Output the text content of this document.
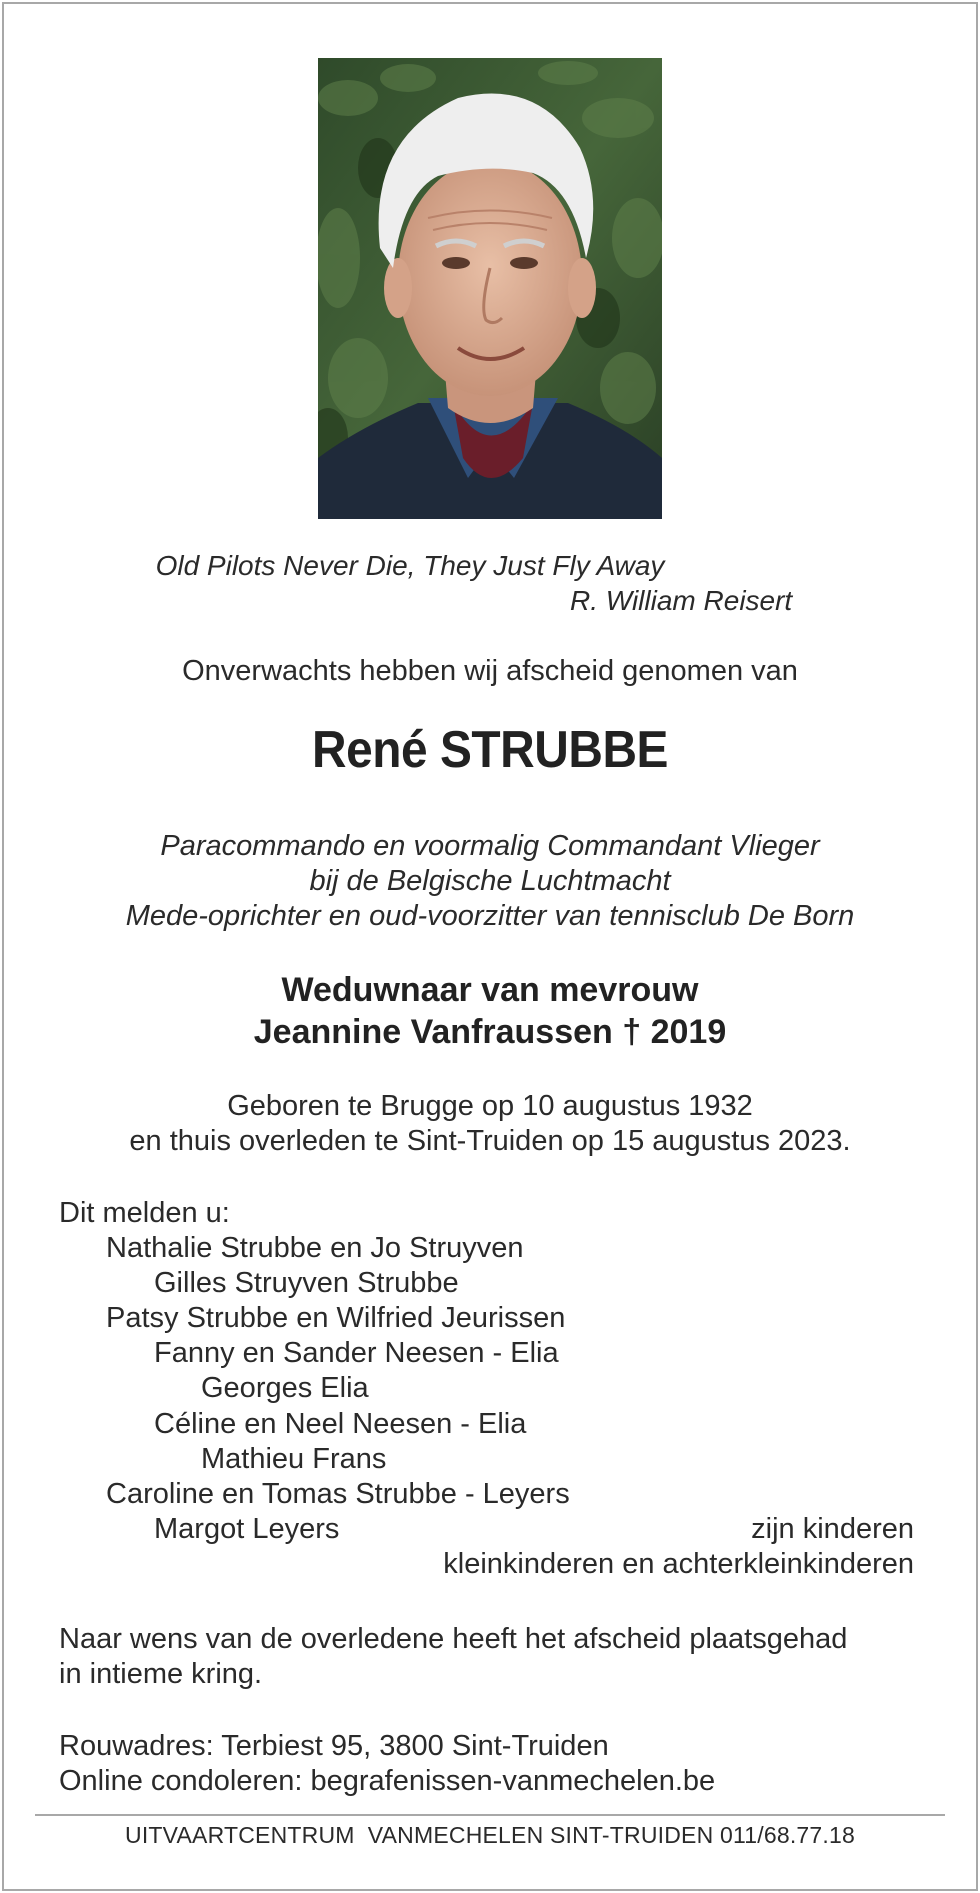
Old Pilots Never Die, They Just Fly Away
R. William Reisert
Onverwachts hebben wij afscheid genomen van
René STRUBBE
Paracommando en voormalig Commandant Vlieger
bij de Belgische Luchtmacht
Mede-oprichter en oud-voorzitter van tennisclub De Born
Weduwnaar van mevrouw
Jeannine Vanfraussen † 2019
Geboren te Brugge op 10 augustus 1932
en thuis overleden te Sint-Truiden op 15 augustus 2023.
Dit melden u:
Nathalie Strubbe en Jo Struyven
Gilles Struyven Strubbe
Patsy Strubbe en Wilfried Jeurissen
Fanny en Sander Neesen - Elia
Georges Elia
Céline en Neel Neesen - Elia
Mathieu Frans
Caroline en Tomas Strubbe - Leyers
Margot Leyers	zijn kinderen
kleinkinderen en achterkleinkinderen
Naar wens van de overledene heeft het afscheid plaatsgehad
in intieme kring.
Rouwadres: Terbiest 95, 3800 Sint-Truiden
Online condoleren: begrafenissen-vanmechelen.be
UITVAARTCENTRUM  VANMECHELEN SINT-TRUIDEN 011/68.77.18
